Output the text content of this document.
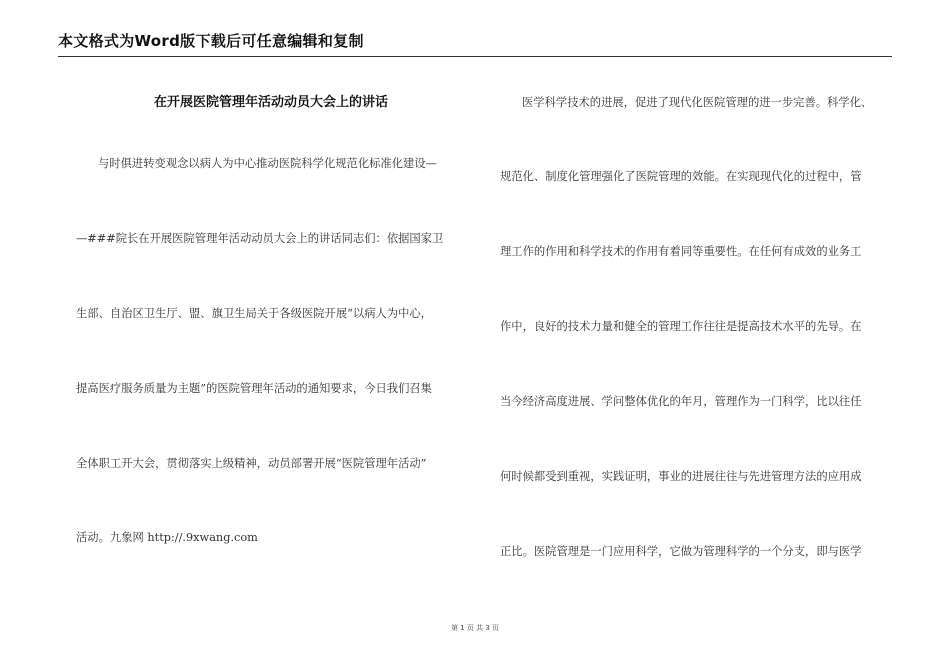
本文格式为Word版下载后可任意编辑和复制
在开展医院管理年活动动员大会上的讲话
与时俱进转变观念以病人为中心推动医院科学化规范化标准化建设—
—###院长在开展医院管理年活动动员大会上的讲话同志们：依据国家卫
生部、自治区卫生厅、盟、旗卫生局关于各级医院开展“以病人为中心，
提高医疗服务质量为主题”的医院管理年活动的通知要求，今日我们召集
全体职工开大会，贯彻落实上级精神，动员部署开展“医院管理年活动”
活动。九象网 http://.9xwang.com
医学科学技术的进展，促进了现代化医院管理的进一步完善。科学化、
规范化、制度化管理强化了医院管理的效能。在实现现代化的过程中，管
理工作的作用和科学技术的作用有着同等重要性。在任何有成效的业务工
作中，良好的技术力量和健全的管理工作往往是提高技术水平的先导。在
当今经济高度进展、学问整体优化的年月，管理作为一门科学，比以往任
何时候都受到重视，实践证明，事业的进展往往与先进管理方法的应用成
正比。医院管理是一门应用科学，它做为管理科学的一个分支，即与医学
第 1 页 共 3 页
